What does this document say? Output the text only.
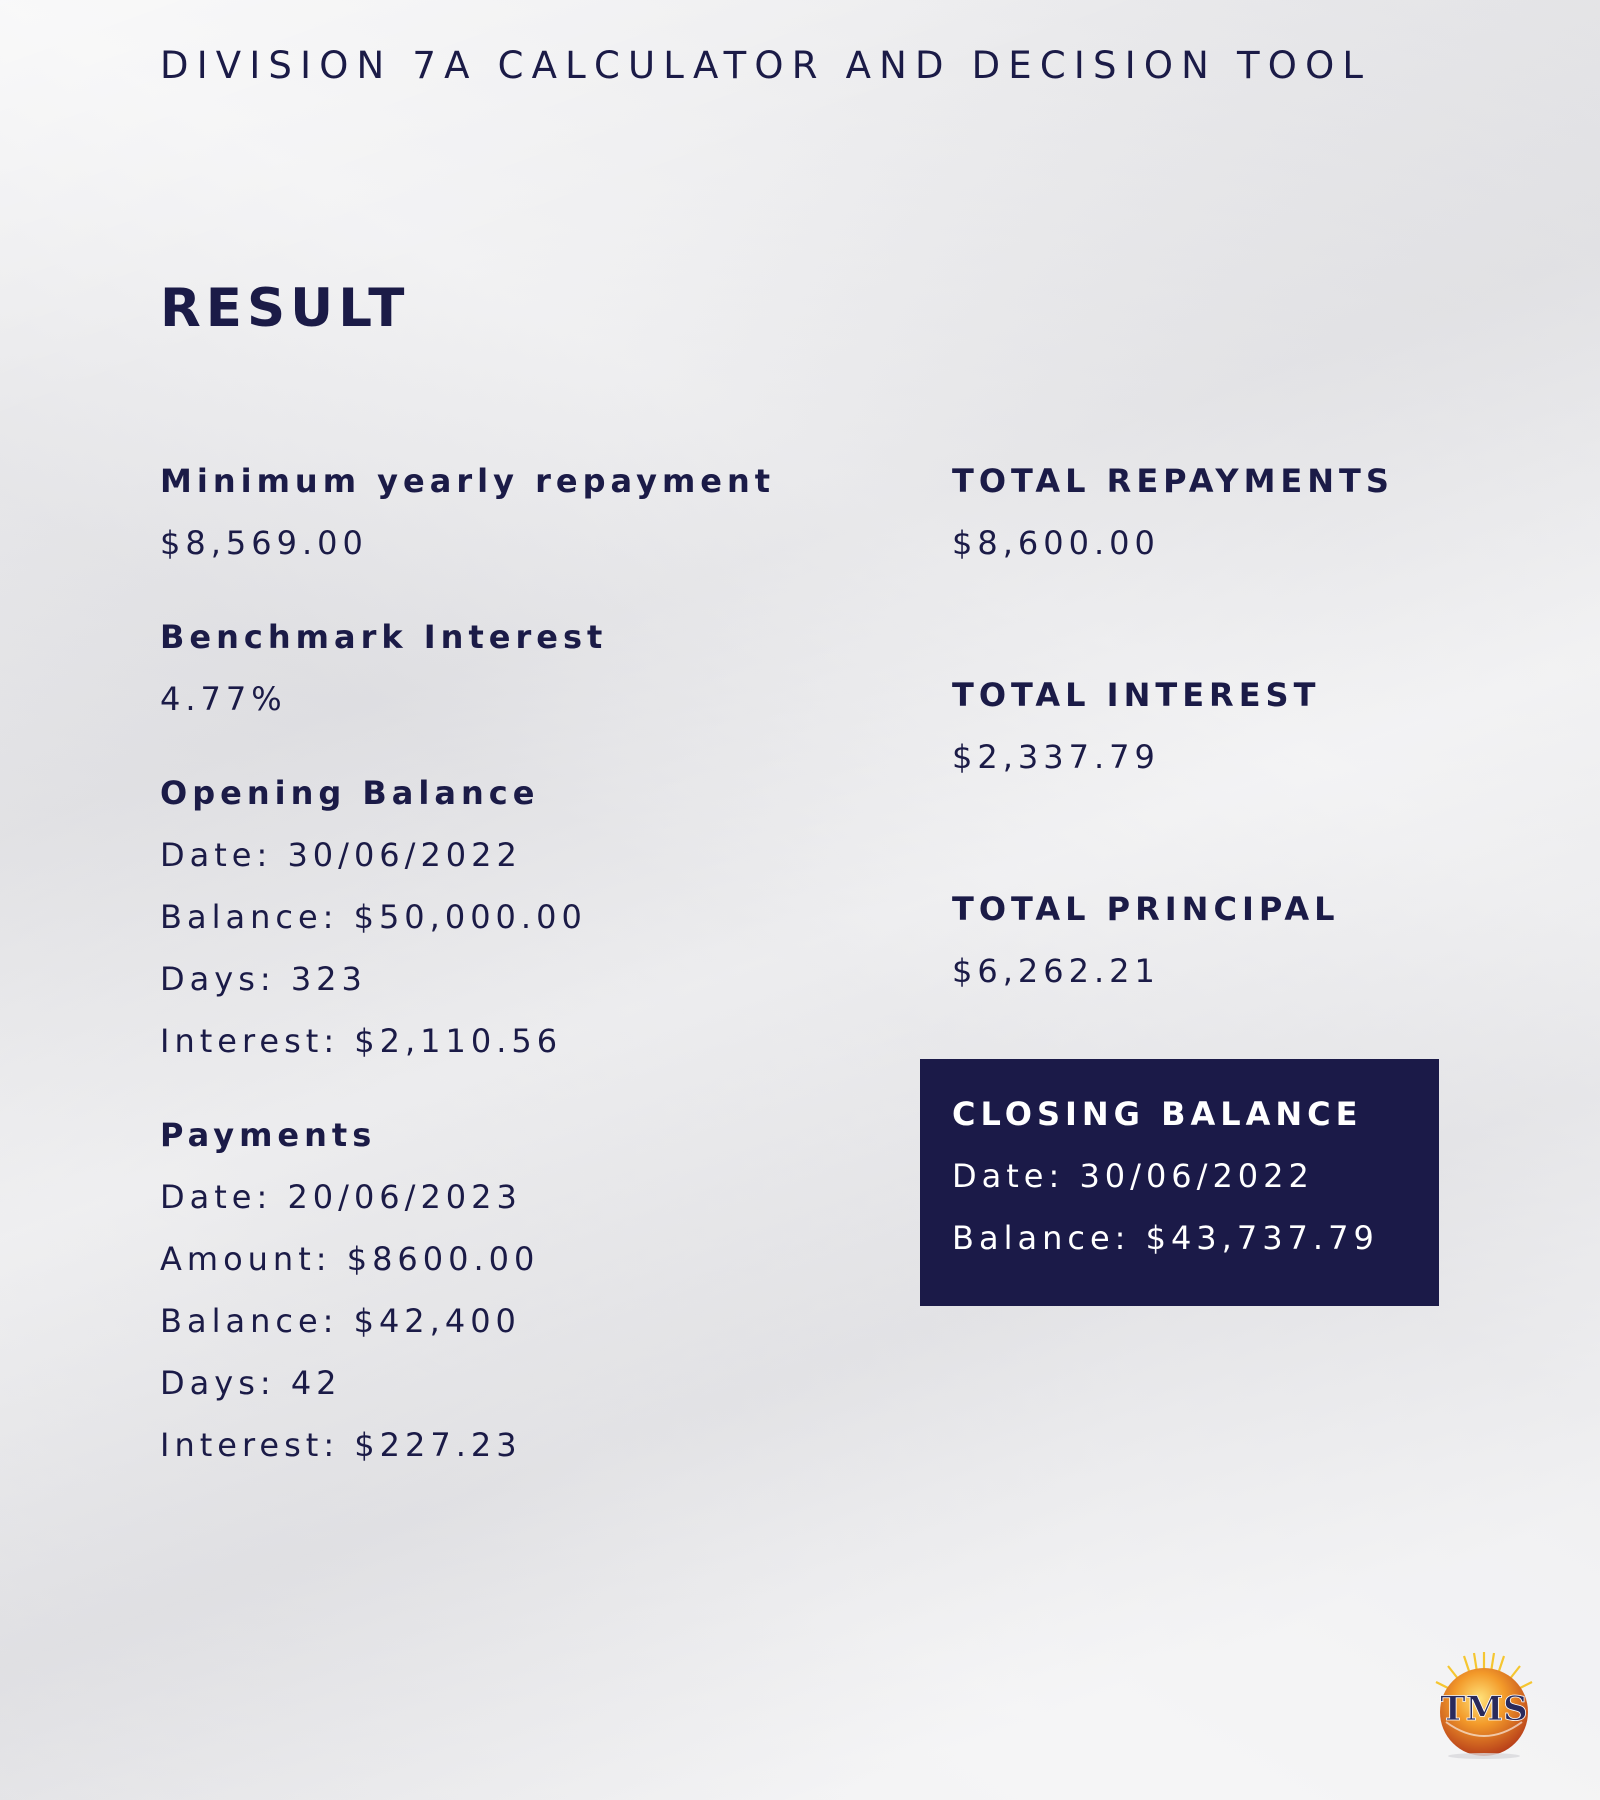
DIVISION 7A CALCULATOR AND DECISION TOOL
RESULT
Minimum yearly repayment
$8,569.00
Benchmark Interest
4.77%
Opening Balance
Date: 30/06/2022
Balance: $50,000.00
Days: 323
Interest: $2,110.56
Payments
Date: 20/06/2023
Amount: $8600.00
Balance: $42,400
Days: 42
Interest: $227.23
TOTAL REPAYMENTS
$8,600.00
TOTAL INTEREST
$2,337.79
TOTAL PRINCIPAL
$6,262.21
CLOSING BALANCE
Date: 30/06/2022
Balance: $43,737.79
TMS
